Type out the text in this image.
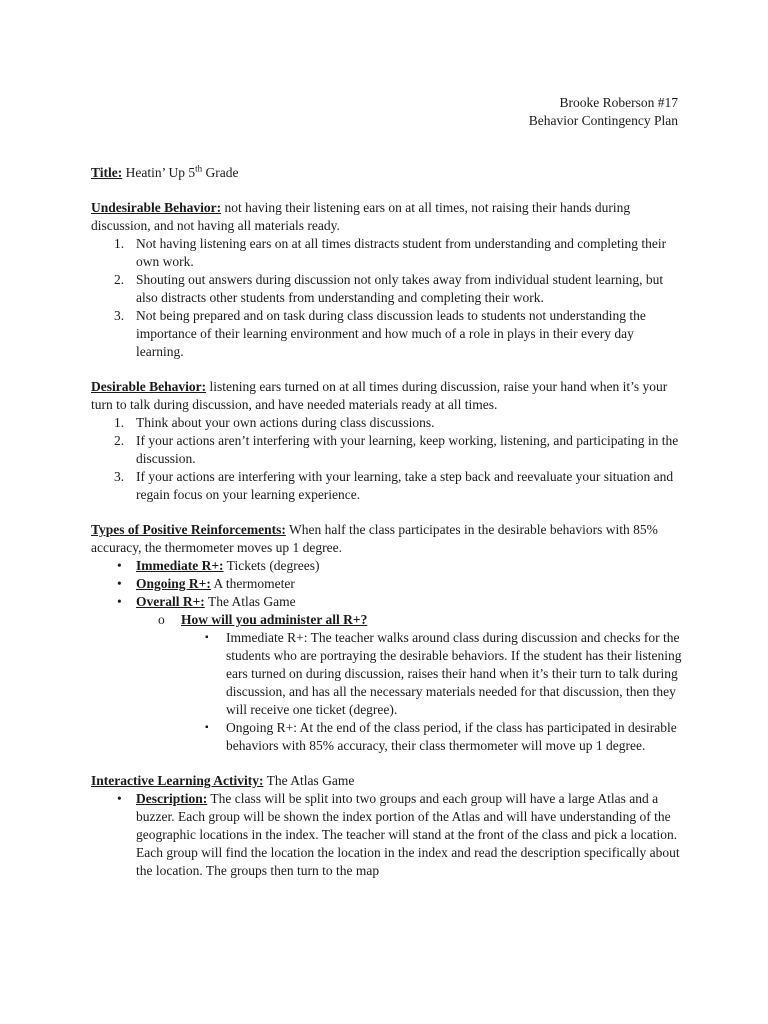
Brooke Roberson #17
Behavior Contingency Plan

Title: Heatin’ Up 5th Grade

Undesirable Behavior: not having their listening ears on at all times, not raising their hands during discussion, and not having all materials ready.

1. Not having listening ears on at all times distracts student from understanding and completing their own work.
2. Shouting out answers during discussion not only takes away from individual student learning, but also distracts other students from understanding and completing their work.
3. Not being prepared and on task during class discussion leads to students not understanding the importance of their learning environment and how much of a role in plays in their every day learning.

Desirable Behavior: listening ears turned on at all times during discussion, raise your hand when it’s your turn to talk during discussion, and have needed materials ready at all times.

1. Think about your own actions during class discussions.
2. If your actions aren’t interfering with your learning, keep working, listening, and participating in the discussion.
3. If your actions are interfering with your learning, take a step back and reevaluate your situation and regain focus on your learning experience.

Types of Positive Reinforcements: When half the class participates in the desirable behaviors with 85% accuracy, the thermometer moves up 1 degree.

• Immediate R+: Tickets (degrees)
• Ongoing R+: A thermometer
• Overall R+: The Atlas Game
o How will you administer all R+?
▪ Immediate R+: The teacher walks around class during discussion and checks for the students who are portraying the desirable behaviors. If the student has their listening ears turned on during discussion, raises their hand when it’s their turn to talk during discussion, and has all the necessary materials needed for that discussion, then they will receive one ticket (degree).
▪ Ongoing R+: At the end of the class period, if the class has participated in desirable behaviors with 85% accuracy, their class thermometer will move up 1 degree.

Interactive Learning Activity: The Atlas Game

• Description: The class will be split into two groups and each group will have a large Atlas and a buzzer. Each group will be shown the index portion of the Atlas and will have understanding of the geographic locations in the index. The teacher will stand at the front of the class and pick a location. Each group will find the location the location in the index and read the description specifically about the location. The groups then turn to the map
